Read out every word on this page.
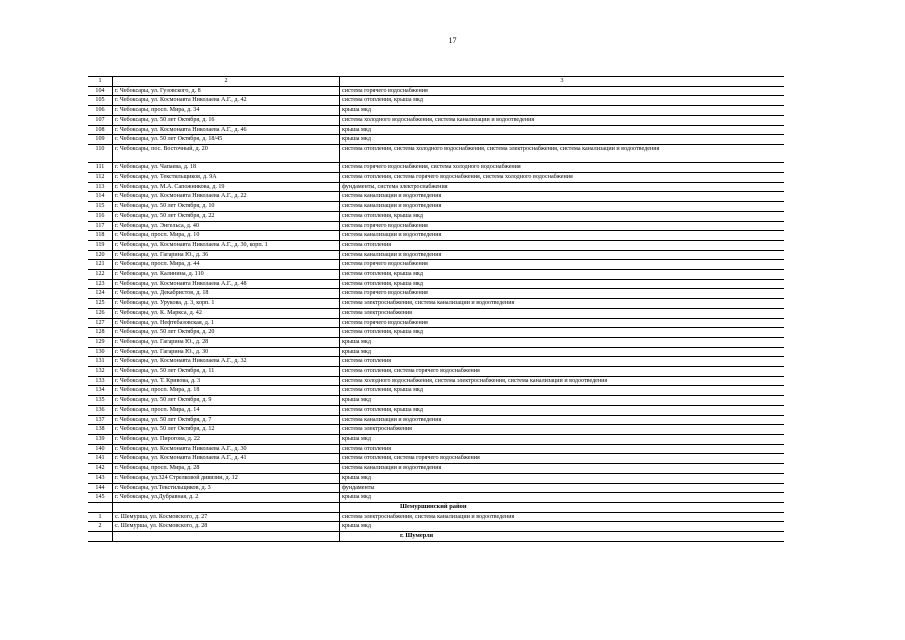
17
1	2	3
104	г. Чебоксары, ул. Гузовского, д. 8	система горячего водоснабжения
105	г. Чебоксары, ул. Космонавта Николаева А.Г., д. 42	система отопления, крыша мкд
106	г. Чебоксары, просп. Мира, д. 34	крыша мкд
107	г. Чебоксары, ул. 50 лет Октября, д. 16	система холодного водоснабжения, система канализации и водоотведения
108	г. Чебоксары, ул. Космонавта Николаева А.Г., д. 46	крыша мкд
109	г. Чебоксары, ул. 50 лет Октября, д. 18/45	крыша мкд
110	г. Чебоксары, пос. Восточный, д. 20	система отопления, система холодного водоснабжения, система электроснабжения, система канализации и водоотведения
111	г. Чебоксары, ул. Чапаева, д. 18	система горячего водоснабжения, система холодного водоснабжения
112	г. Чебоксары, ул. Текстильщиков, д. 9А	система отопления, система горячего водоснабжения, система холодного водоснабжения
113	г. Чебоксары, ул. М.А. Сапожникова, д. 19	фундаменты, система электроснабжения
114	г. Чебоксары, ул. Космонавта Николаева А.Г., д. 22	система канализации и водоотведения
115	г. Чебоксары, ул. 50 лет Октября, д. 10	система канализации и водоотведения
116	г. Чебоксары, ул. 50 лет Октября, д. 22	система отопления, крыша мкд
117	г. Чебоксары, ул. Энгельса, д. 40	система горячего водоснабжения
118	г. Чебоксары, просп. Мира, д. 10	система канализации и водоотведения
119	г. Чебоксары, ул. Космонавта Николаева А.Г., д. 30, корп. 1	система отопления
120	г. Чебоксары, ул. Гагарина Ю., д. 36	система канализации и водоотведения
121	г. Чебоксары, просп. Мира, д. 44	система горячего водоснабжения
122	г. Чебоксары, ул. Калинина, д. 110	система отопления, крыша мкд
123	г. Чебоксары, ул. Космонавта Николаева А.Г., д. 48	система отопления, крыша мкд
124	г. Чебоксары, ул. Декабристов, д. 18	система горячего водоснабжения
125	г. Чебоксары, ул. Урукова, д. 3, корп. 1	система электроснабжения, система канализации и водоотведения
126	г. Чебоксары, ул. К. Маркса, д. 42	система электроснабжения
127	г. Чебоксары, ул. Нефтебазовская, д. 1	система горячего водоснабжения
128	г. Чебоксары, ул. 50 лет Октября, д. 20	система отопления, крыша мкд
129	г. Чебоксары, ул. Гагарина Ю., д. 28	крыша мкд
130	г. Чебоксары, ул. Гагарина Ю., д. 30	крыша мкд
131	г. Чебоксары, ул. Космонавта Николаева А.Г., д. 32	система отопления
132	г. Чебоксары, ул. 50 лет Октября, д. 11	система отопления, система горячего водоснабжения
133	г. Чебоксары, ул. Т. Кривова, д. 3	система холодного водоснабжения, система электроснабжения, система канализации и водоотведения
134	г. Чебоксары, просп. Мира, д. 18	система отопления, крыша мкд
135	г. Чебоксары, ул. 50 лет Октября, д. 9	крыша мкд
136	г. Чебоксары, просп. Мира, д. 14	система отопления, крыша мкд
137	г. Чебоксары, ул. 50 лет Октября, д. 7	система канализации и водоотведения
138	г. Чебоксары, ул. 50 лет Октября, д. 12	система электроснабжения
139	г. Чебоксары, ул. Пирогова, д. 22	крыша мкд
140	г. Чебоксары, ул. Космонавта Николаева А.Г., д. 30	система отопления
141	г. Чебоксары, ул. Космонавта Николаева А.Г., д. 41	система отопления, система горячего водоснабжения
142	г. Чебоксары, просп. Мира, д. 28	система канализации и водоотведения
143	г. Чебоксары, ул.324 Стрелковой дивизии, д. 12	крыша мкд
144	г. Чебоксары, ул.Текстильщиков, д. 3	фундаменты
145	г. Чебоксары, ул.Дубравная, д. 2	крыша мкд
		Шемуршинский район
1	с. Шемурша, ул. Космовского, д. 27	система электроснабжения, система канализации и водоотведения
2	с. Шемурша, ул. Космовского, д. 28	крыша мкд
		г. Шумерля
